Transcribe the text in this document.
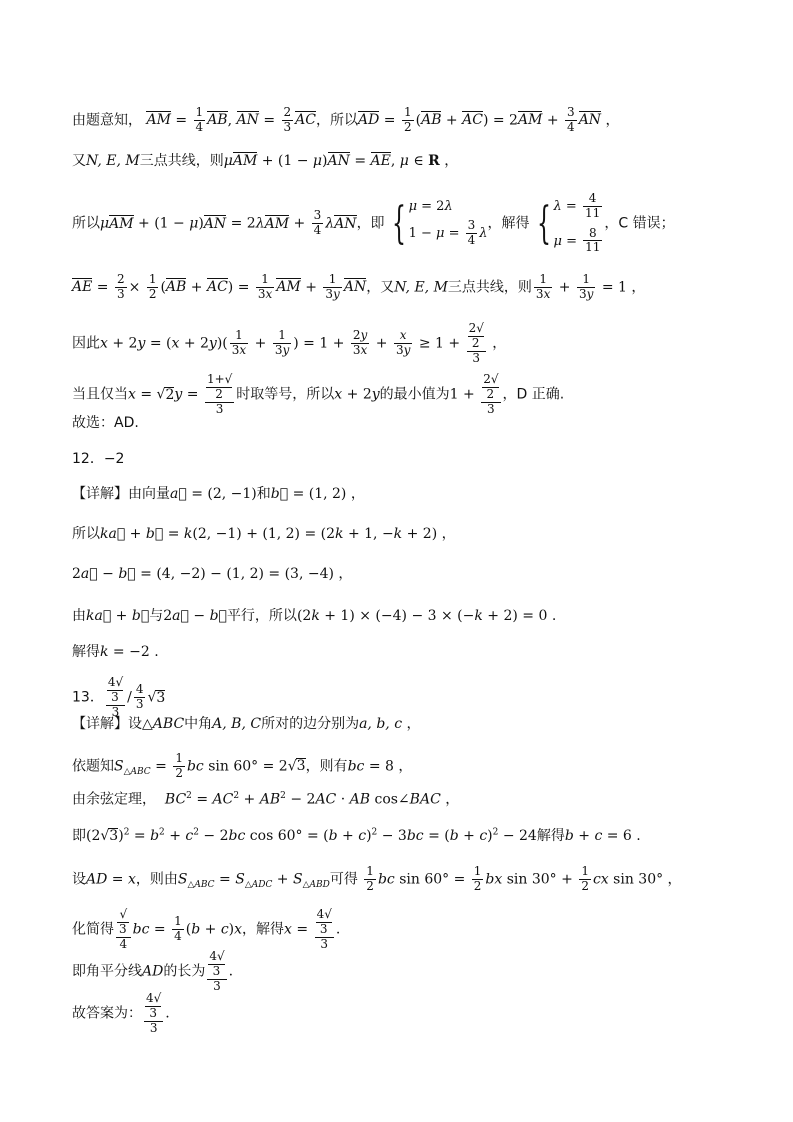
由题意知， AM = $\frac{1}{4}$ AB, AN = $\frac{2}{3}$ AC，所以AD = $\frac{1}{2} (AB + AC) = 2AM + \frac{3}{4}$ AN ，
又N, E, M三点共线，则μAM + (1 − μ)AN = AE, μ ∈ R ，
所以$\mu AM + (1 - \mu)AN = 2\lambda AM + \frac{3}{4}$ λAN，即 { μ = 2λ
$1 - \mu = \frac{3}{4}$ λ
，解得 { $\lambda = \frac{4}{11}$
$\mu = \frac{8}{11}$
，C 错误；
AE = $\frac{2}{3} \times \frac{1}{2} (AB + AC) = \frac{1}{3x}$ AM + $\frac{1}{3y}$ AN，又N, E, M三点共线，则 $\frac{1}{3x} + \frac{1}{3y} = 1$ ，
因此$x + 2y = (x + 2y)( \frac{1}{3x} + \frac{1}{3y}$ ) = $1 + \frac{2y}{3x} + \frac{x}{3y} \ge 1 + 2√$
2
3 ，
当且仅当x = √2y = 1+√
2
3 时取等号，所以x + 2y的最小值为1 + 2√
2
3 ，D 正确.
故选：AD.
12．−2
【详解】由向量a⃗ = (2, −1)和b⃗ = (1, 2) ，
所以ka⃗ + b⃗ = k(2, −1) + (1, 2) = (2k + 1, −k + 2) ，
2a⃗ − b⃗ = (4, −2) − (1, 2) = (3, −4) ，
由ka⃗ + b⃗与2a⃗ − b⃗平行，所以(2k + 1) × (−4) − 3 × (−k + 2) = 0 .
解得k = −2 .
13． 4√
3
$3 / \frac{4}{3} √3$
【详解】设△ABC中角A, B, C所对的边分别为a, b, c ，
依题知$S_{\triangle ABC} = \frac{1}{2}$ bc sin 60° = 2√3，则有bc = 8 ，
由余弦定理， $BC^2 = AC^2 + AB^2 - 2AC$ · AB cos∠BAC ，
即$(2√3)^2 = b^2 + c^2 - 2bc$ $\cos 60^\circ = (b + c)^2 - 3bc = (b + c)^2 - 24$解得b + c = 6 .
设AD = x，则由$S_{\triangle ABC} = S_{\triangle ADC} + S_{\triangle ABD}$可得 $\frac{1}{2}$ bc $\sin 60^\circ = \frac{1}{2}$ bx $\sin 30^\circ + \frac{1}{2}$ cx sin 30° ，
化简得 √
3
4 bc = $\frac{1}{4} (b + c)x$，解得x = 4√
3
3 .
即角平分线AD的长为 4√
3
3 .
故答案为： 4√
3
3 .
